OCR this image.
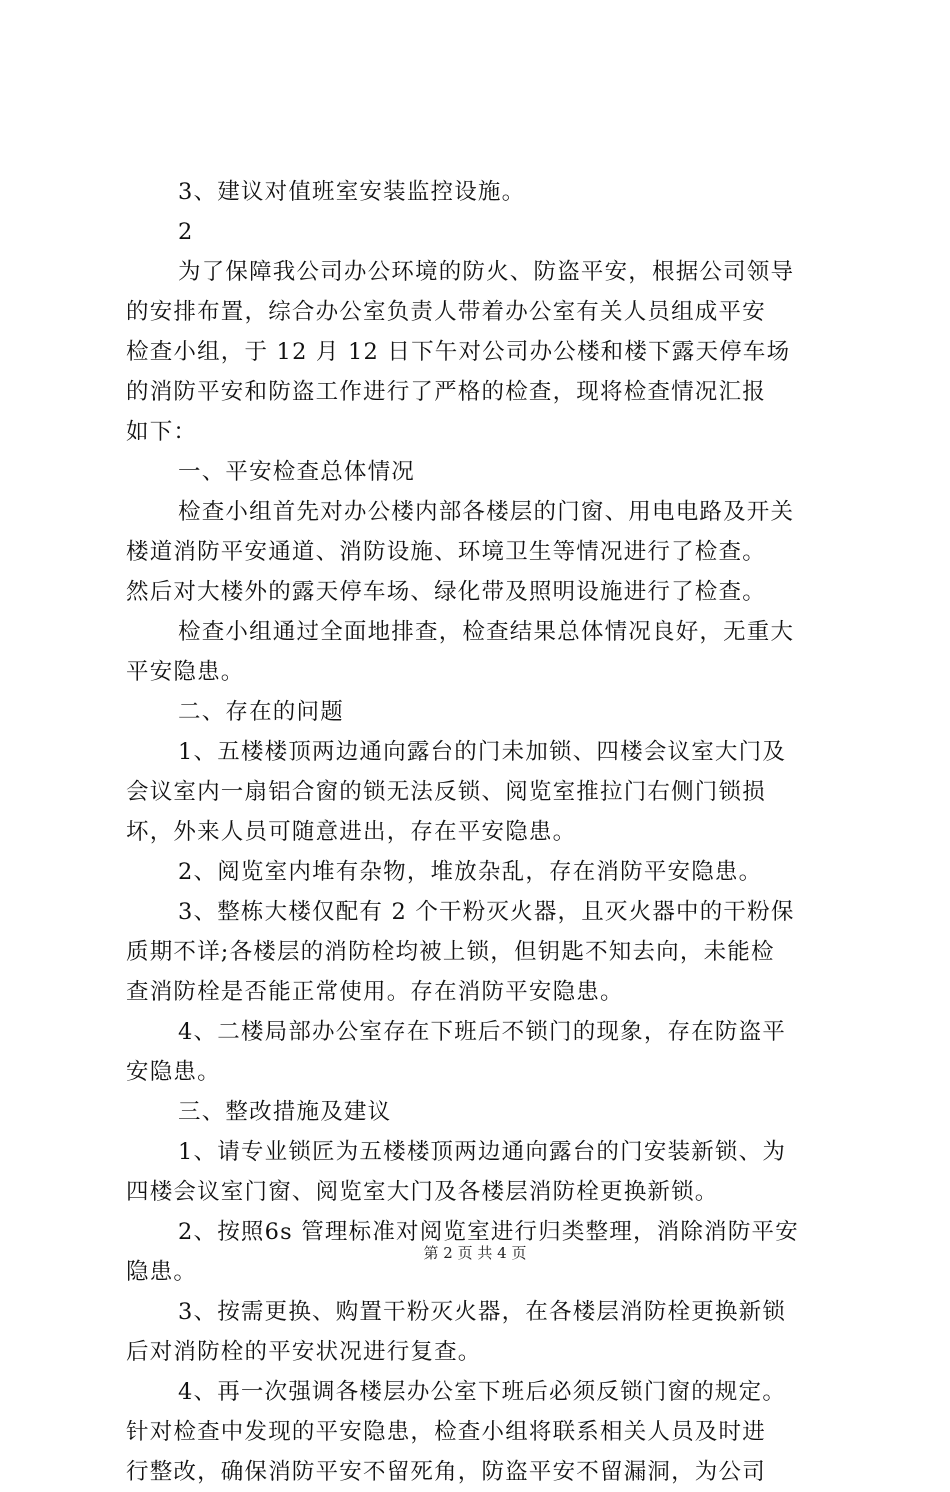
3、建议对值班室安装监控设施。
2
为了保障我公司办公环境的防火、防盗平安，根据公司领导
的安排布置，综合办公室负责人带着办公室有关人员组成平安
检查小组，于 12 月 12 日下午对公司办公楼和楼下露天停车场
的消防平安和防盗工作进行了严格的检查，现将检查情况汇报
如下：
一、平安检查总体情况
检查小组首先对办公楼内部各楼层的门窗、用电电路及开关
楼道消防平安通道、消防设施、环境卫生等情况进行了检查。
然后对大楼外的露天停车场、绿化带及照明设施进行了检查。
检查小组通过全面地排查，检查结果总体情况良好，无重大
平安隐患。
二、存在的问题
1、五楼楼顶两边通向露台的门未加锁、四楼会议室大门及
会议室内一扇铝合窗的锁无法反锁、阅览室推拉门右侧门锁损
坏，外来人员可随意进出，存在平安隐患。
2、阅览室内堆有杂物，堆放杂乱，存在消防平安隐患。
3、整栋大楼仅配有 2 个干粉灭火器，且灭火器中的干粉保
质期不详;各楼层的消防栓均被上锁，但钥匙不知去向，未能检
查消防栓是否能正常使用。存在消防平安隐患。
4、二楼局部办公室存在下班后不锁门的现象，存在防盗平
安隐患。
三、整改措施及建议
1、请专业锁匠为五楼楼顶两边通向露台的门安装新锁、为
四楼会议室门窗、阅览室大门及各楼层消防栓更换新锁。
2、按照6s 管理标准对阅览室进行归类整理，消除消防平安
隐患。
3、按需更换、购置干粉灭火器，在各楼层消防栓更换新锁
后对消防栓的平安状况进行复查。
4、再一次强调各楼层办公室下班后必须反锁门窗的规定。
针对检查中发现的平安隐患，检查小组将联系相关人员及时进
行整改，确保消防平安不留死角，防盗平安不留漏洞，为公司
第 2 页 共 4 页
